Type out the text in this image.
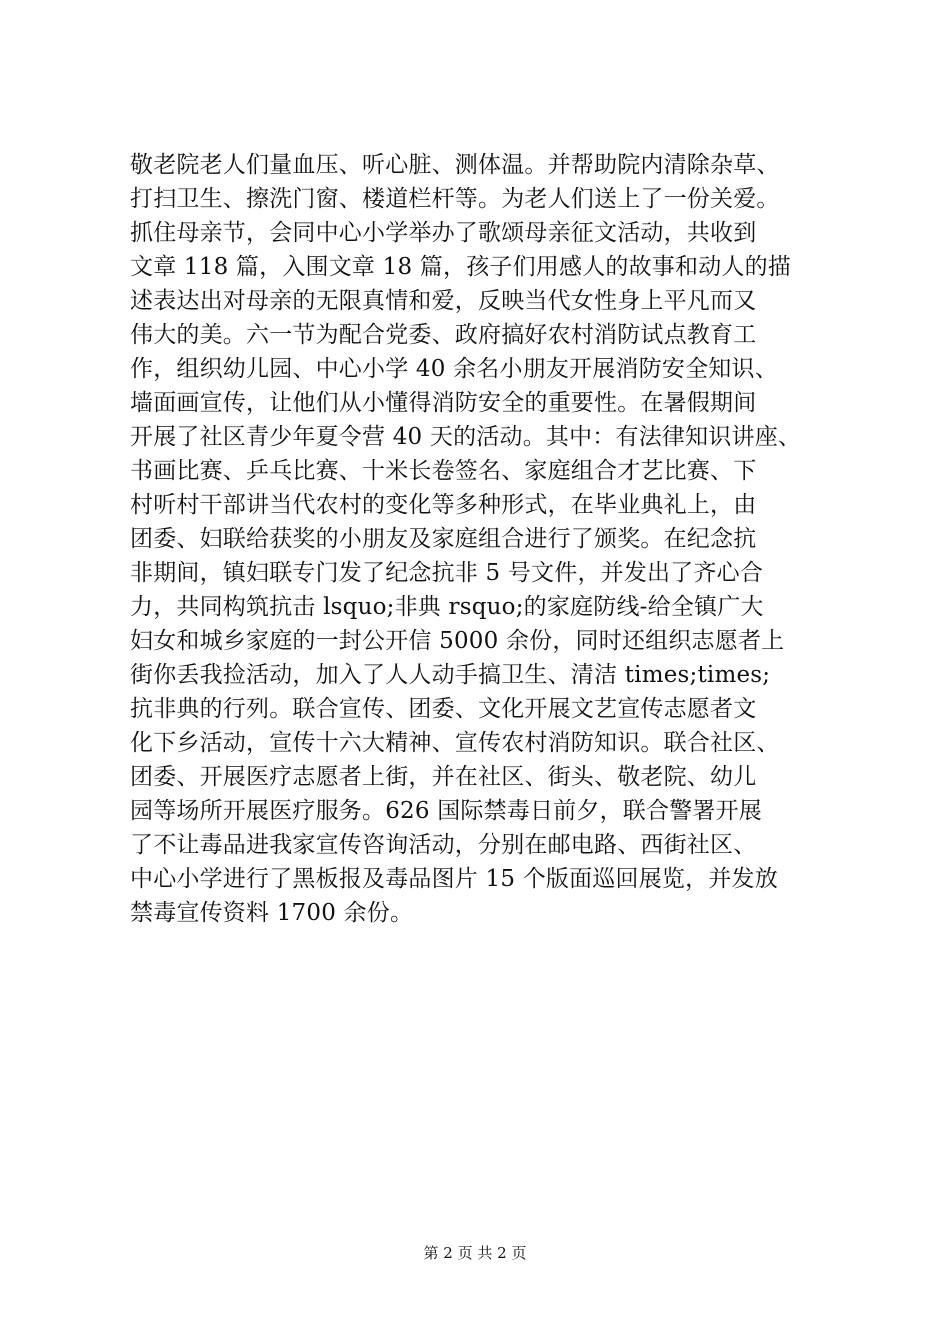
敬老院老人们量血压、听心脏、测体温。并帮助院内清除杂草、
打扫卫生、擦洗门窗、楼道栏杆等。为老人们送上了一份关爱。
抓住母亲节，会同中心小学举办了歌颂母亲征文活动，共收到
文章 118 篇，入围文章 18 篇，孩子们用感人的故事和动人的描
述表达出对母亲的无限真情和爱，反映当代女性身上平凡而又
伟大的美。六一节为配合党委、政府搞好农村消防试点教育工
作，组织幼儿园、中心小学 40 余名小朋友开展消防安全知识、
墙面画宣传，让他们从小懂得消防安全的重要性。在暑假期间
开展了社区青少年夏令营 40 天的活动。其中：有法律知识讲座、
书画比赛、乒乓比赛、十米长卷签名、家庭组合才艺比赛、下
村听村干部讲当代农村的变化等多种形式，在毕业典礼上，由
团委、妇联给获奖的小朋友及家庭组合进行了颁奖。在纪念抗
非期间，镇妇联专门发了纪念抗非 5 号文件，并发出了齐心合
力，共同构筑抗击 lsquo;非典 rsquo;的家庭防线-给全镇广大
妇女和城乡家庭的一封公开信 5000 余份，同时还组织志愿者上
街你丢我捡活动，加入了人人动手搞卫生、清洁 times;times;
抗非典的行列。联合宣传、团委、文化开展文艺宣传志愿者文
化下乡活动，宣传十六大精神、宣传农村消防知识。联合社区、
团委、开展医疗志愿者上街，并在社区、街头、敬老院、幼儿
园等场所开展医疗服务。626 国际禁毒日前夕，联合警署开展
了不让毒品进我家宣传咨询活动，分别在邮电路、西街社区、
中心小学进行了黑板报及毒品图片 15 个版面巡回展览，并发放
禁毒宣传资料 1700 余份。
第 2 页 共 2 页
